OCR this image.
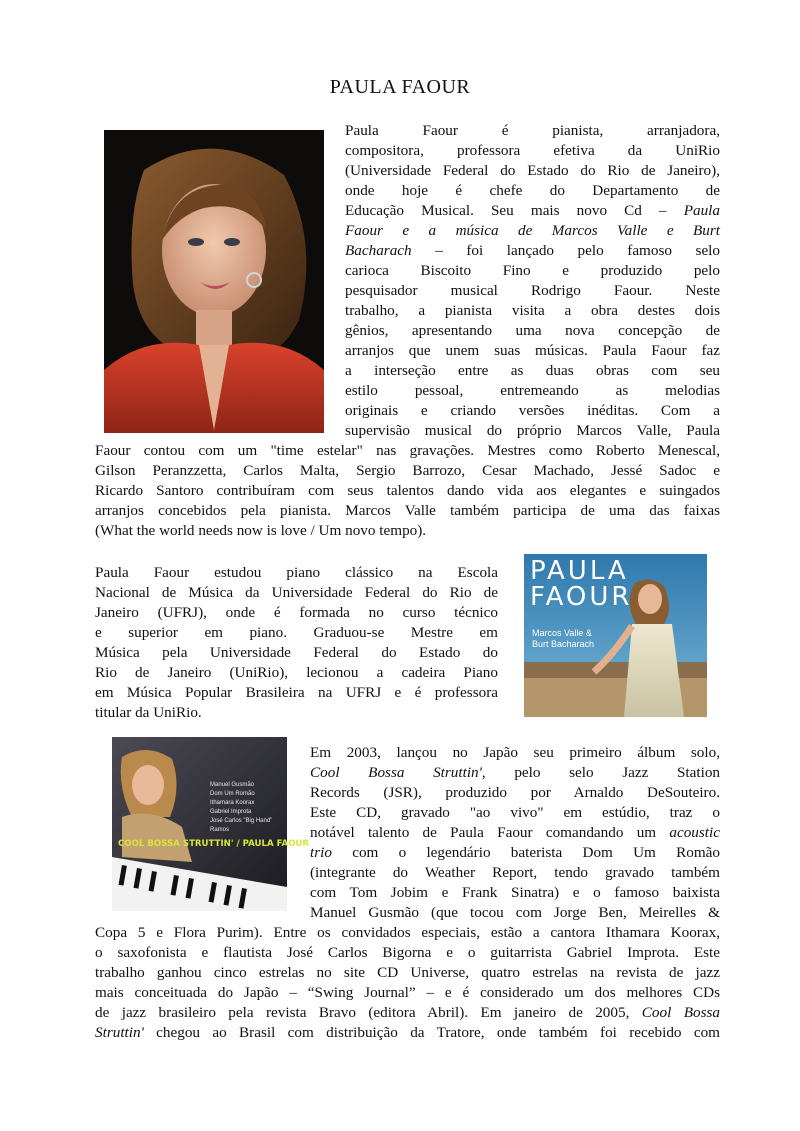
PAULA FAOUR
Paula Faour é pianista, arranjadora,
compositora, professora efetiva da UniRio
(Universidade Federal do Estado do Rio de Janeiro),
onde hoje é chefe do Departamento de
Educação Musical. Seu mais novo Cd – Paula
Faour e a música de Marcos Valle e Burt
Bacharach – foi lançado pelo famoso selo
carioca Biscoito Fino e produzido pelo
pesquisador musical Rodrigo Faour. Neste
trabalho, a pianista visita a obra destes dois
gênios, apresentando uma nova concepção de
arranjos que unem suas músicas. Paula Faour faz
a interseção entre as duas obras com seu
estilo pessoal, entremeando as melodias
originais e criando versões inéditas. Com a
supervisão musical do próprio Marcos Valle, Paula
Faour contou com um "time estelar" nas gravações. Mestres como Roberto Menescal,
Gilson Peranzzetta, Carlos Malta, Sergio Barrozo, Cesar Machado, Jessé Sadoc e
Ricardo Santoro contribuíram com seus talentos dando vida aos elegantes e suingados
arranjos concebidos pela pianista. Marcos Valle também participa de uma das faixas
(What the world needs now is love / Um novo tempo).
PAULA
FAOUR
Marcos Valle &
Burt Bacharach
Paula Faour estudou piano clássico na Escola
Nacional de Música da Universidade Federal do Rio de
Janeiro (UFRJ), onde é formada no curso técnico
e superior em piano. Graduou-se Mestre em
Música pela Universidade Federal do Estado do
Rio de Janeiro (UniRio), lecionou a cadeira Piano
em Música Popular Brasileira na UFRJ e é professora
titular da UniRio.
Manuel Gusmão
Dom Um Romão
Ithamara Koorax
Gabriel Improta
José Carlos "Big Hand" Ramos
COOL BOSSA STRUTTIN' / PAULA FAOUR
Em 2003, lançou no Japão seu primeiro álbum solo,
Cool Bossa Struttin', pelo selo Jazz Station
Records (JSR), produzido por Arnaldo DeSouteiro.
Este CD, gravado "ao vivo" em estúdio, traz o
notável talento de Paula Faour comandando um acoustic
trio com o legendário baterista Dom Um Romão
(integrante do Weather Report, tendo gravado também
com Tom Jobim e Frank Sinatra) e o famoso baixista
Manuel Gusmão (que tocou com Jorge Ben, Meirelles &
Copa 5 e Flora Purim). Entre os convidados especiais, estão a cantora Ithamara Koorax,
o saxofonista e flautista José Carlos Bigorna e o guitarrista Gabriel Improta. Este
trabalho ganhou cinco estrelas no site CD Universe, quatro estrelas na revista de jazz
mais conceituada do Japão – “Swing Journal” – e é considerado um dos melhores CDs
de jazz brasileiro pela revista Bravo (editora Abril). Em janeiro de 2005, Cool Bossa
Struttin' chegou ao Brasil com distribuição da Tratore, onde também foi recebido com
